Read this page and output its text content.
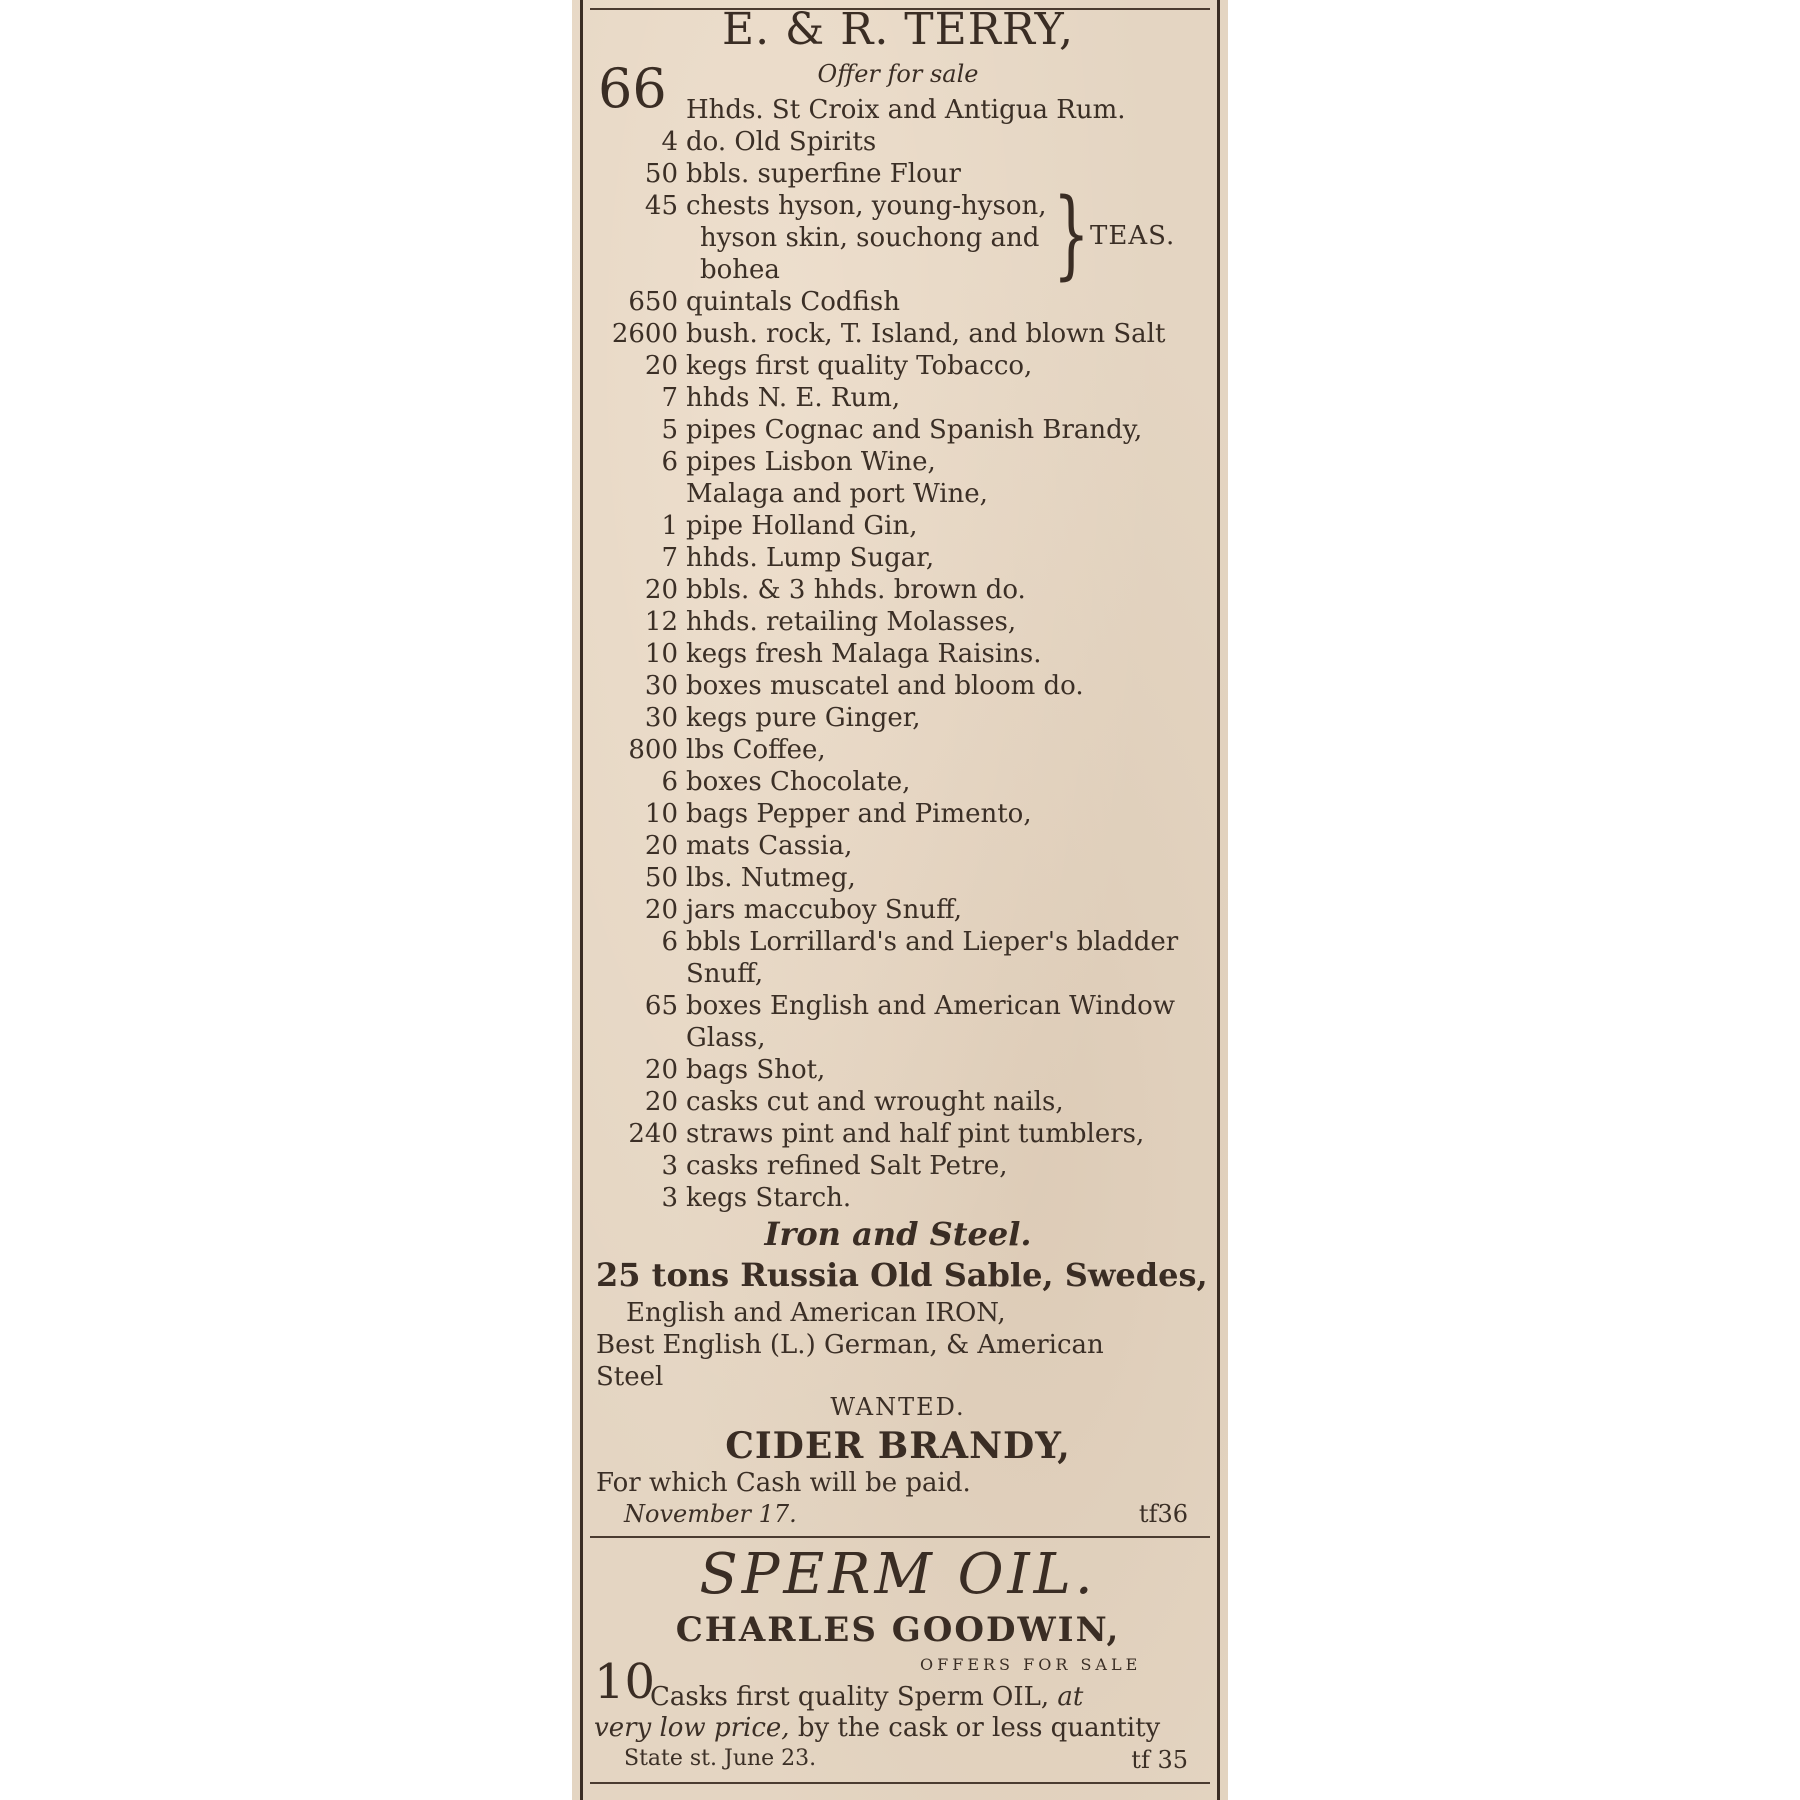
E. & R. TERRY,
Offer for sale
66 Hhds. St Croix and Antigua Rum.
4 do. Old Spirits
50 bbls. superfine Flour
45 chests hyson, young-hyson,
hyson skin, souchong and
bohea
650 quintals Codfish
2600 bush. rock, T. Island, and blown Salt
20 kegs first quality Tobacco,
7 hhds N. E. Rum,
5 pipes Cognac and Spanish Brandy,
6 pipes Lisbon Wine,
Malaga and port Wine,
1 pipe Holland Gin,
7 hhds. Lump Sugar,
20 bbls. & 3 hhds. brown do.
12 hhds. retailing Molasses,
10 kegs fresh Malaga Raisins.
30 boxes muscatel and bloom do.
30 kegs pure Ginger,
800 lbs Coffee,
6 boxes Chocolate,
10 bags Pepper and Pimento,
20 mats Cassia,
50 lbs. Nutmeg,
20 jars maccuboy Snuff,
6 bbls Lorrillard's and Lieper's bladder
Snuff,
65 boxes English and American Window
Glass,
20 bags Shot,
20 casks cut and wrought nails,
240 straws pint and half pint tumblers,
3 casks refined Salt Petre,
3 kegs Starch.
} TEAS.
Iron and Steel.
25 tons Russia Old Sable, Swedes,
English and American IRON,
Best English (L.) German, & American
Steel
WANTED.
CIDER BRANDY,
For which Cash will be paid.
November 17.	tf36
SPERM OIL.
CHARLES GOODWIN,
OFFERS FOR SALE
10
Casks first quality Sperm OIL, at
very low price, by the cask or less quantity
State st. June 23.	tf 35
